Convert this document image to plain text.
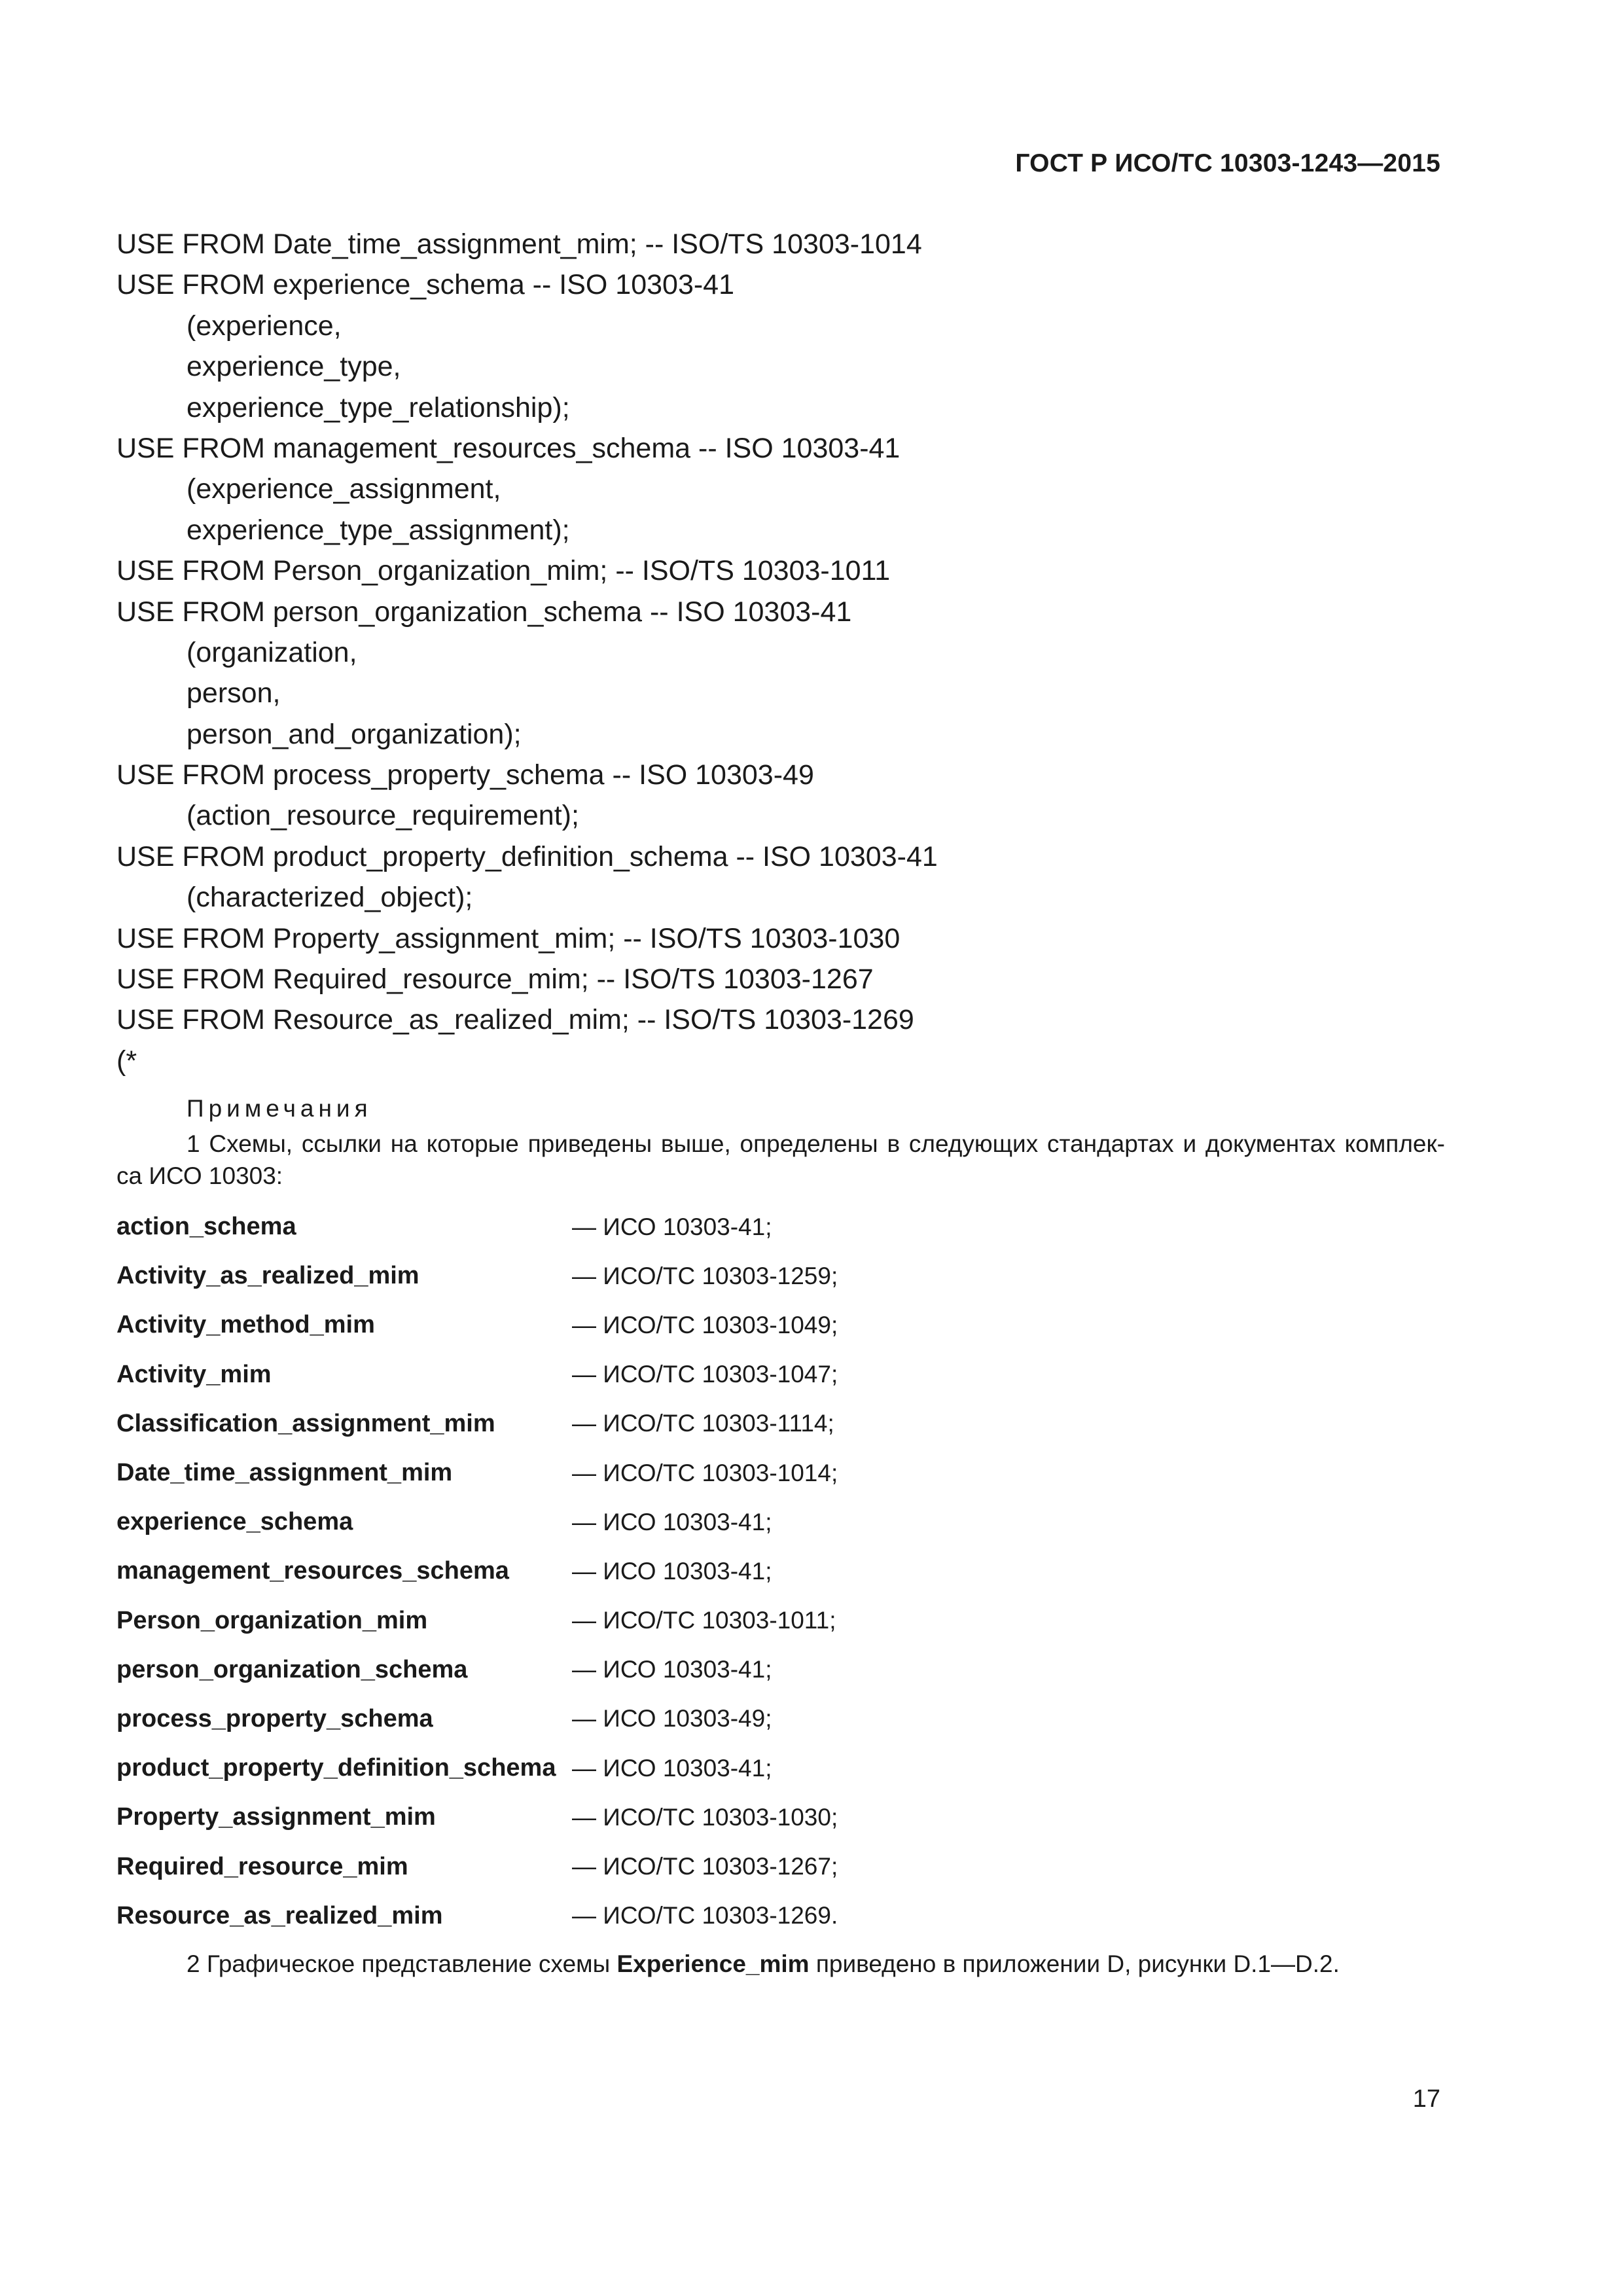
ГОСТ Р ИСО/ТС 10303-1243—2015
USE FROM Date_time_assignment_mim; -- ISO/TS 10303-1014
USE FROM experience_schema -- ISO 10303-41
(experience,
experience_type,
experience_type_relationship);
USE FROM management_resources_schema -- ISO 10303-41
(experience_assignment,
experience_type_assignment);
USE FROM Person_organization_mim; -- ISO/TS 10303-1011
USE FROM person_organization_schema -- ISO 10303-41
(organization,
person,
person_and_organization);
USE FROM process_property_schema -- ISO 10303-49
(action_resource_requirement);
USE FROM product_property_definition_schema -- ISO 10303-41
(characterized_object);
USE FROM Property_assignment_mim; -- ISO/TS 10303-1030
USE FROM Required_resource_mim; -- ISO/TS 10303-1267
USE FROM Resource_as_realized_mim; -- ISO/TS 10303-1269
(*
Примечания
1 Схемы, ссылки на которые приведены выше, определены в следующих стандартах и документах комплек- са ИСО 10303:
action_schema	— ИСО 10303-41;
Activity_as_realized_mim	— ИСО/ТС 10303-1259;
Activity_method_mim	— ИСО/ТС 10303-1049;
Activity_mim	— ИСО/ТС 10303-1047;
Classification_assignment_mim	— ИСО/ТС 10303-1114;
Date_time_assignment_mim	— ИСО/ТС 10303-1014;
experience_schema	— ИСО 10303-41;
management_resources_schema	— ИСО 10303-41;
Person_organization_mim	— ИСО/ТС 10303-1011;
person_organization_schema	— ИСО 10303-41;
process_property_schema	— ИСО 10303-49;
product_property_definition_schema — ИСО 10303-41;
Property_assignment_mim	— ИСО/ТС 10303-1030;
Required_resource_mim	— ИСО/ТС 10303-1267;
Resource_as_realized_mim	— ИСО/ТС 10303-1269.
2 Графическое представление схемы Experience_mim приведено в приложении D, рисунки D.1—D.2.
17
